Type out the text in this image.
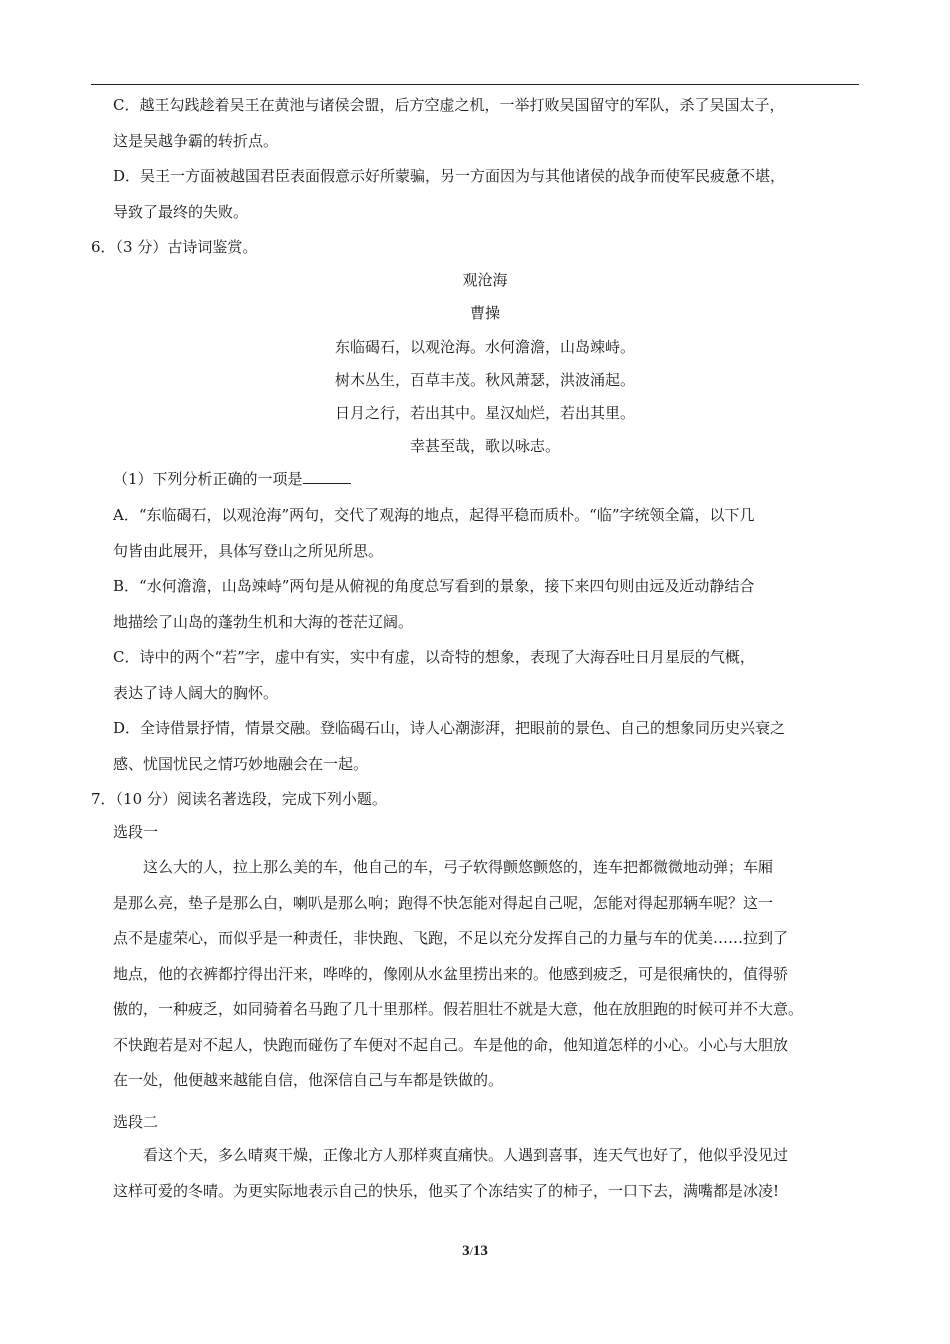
C．越王勾践趁着吴王在黄池与诸侯会盟，后方空虚之机，一举打败吴国留守的军队，杀了吴国太子，
这是吴越争霸的转折点。
D．吴王一方面被越国君臣表面假意示好所蒙骗，另一方面因为与其他诸侯的战争而使军民疲惫不堪，
导致了最终的失败。
6．（3 分）古诗词鉴赏。
观沧海
曹操
东临碣石，以观沧海。水何澹澹，山岛竦峙。
树木丛生，百草丰茂。秋风萧瑟，洪波涌起。
日月之行，若出其中。星汉灿烂，若出其里。
幸甚至哉，歌以咏志。
（1）下列分析正确的一项是
A．“东临碣石，以观沧海”两句，交代了观海的地点，起得平稳而质朴。“临”字统领全篇，以下几
句皆由此展开，具体写登山之所见所思。
B．“水何澹澹，山岛竦峙”两句是从俯视的角度总写看到的景象，接下来四句则由远及近动静结合
地描绘了山岛的蓬勃生机和大海的苍茫辽阔。
C．诗中的两个“若”字，虚中有实，实中有虚，以奇特的想象，表现了大海吞吐日月星辰的气概，
表达了诗人阔大的胸怀。
D．全诗借景抒情，情景交融。登临碣石山，诗人心潮澎湃，把眼前的景色、自己的想象同历史兴衰之
感、忧国忧民之情巧妙地融会在一起。
7．（10 分）阅读名著选段，完成下列小题。
选段一
这么大的人，拉上那么美的车，他自己的车，弓子软得颤悠颤悠的，连车把都微微地动弹；车厢
是那么亮，垫子是那么白，喇叭是那么响；跑得不快怎能对得起自己呢，怎能对得起那辆车呢？这一
点不是虚荣心，而似乎是一种责任，非快跑、飞跑，不足以充分发挥自己的力量与车的优美……拉到了
地点，他的衣裤都拧得出汗来，哗哗的，像刚从水盆里捞出来的。他感到疲乏，可是很痛快的，值得骄
傲的，一种疲乏，如同骑着名马跑了几十里那样。假若胆壮不就是大意，他在放胆跑的时候可并不大意。
不快跑若是对不起人，快跑而碰伤了车便对不起自己。车是他的命，他知道怎样的小心。小心与大胆放
在一处，他便越来越能自信，他深信自己与车都是铁做的。
选段二
看这个天，多么晴爽干燥，正像北方人那样爽直痛快。人遇到喜事，连天气也好了，他似乎没见过
这样可爱的冬晴。为更实际地表示自己的快乐，他买了个冻结实了的柿子，一口下去，满嘴都是冰凌!
3/13
